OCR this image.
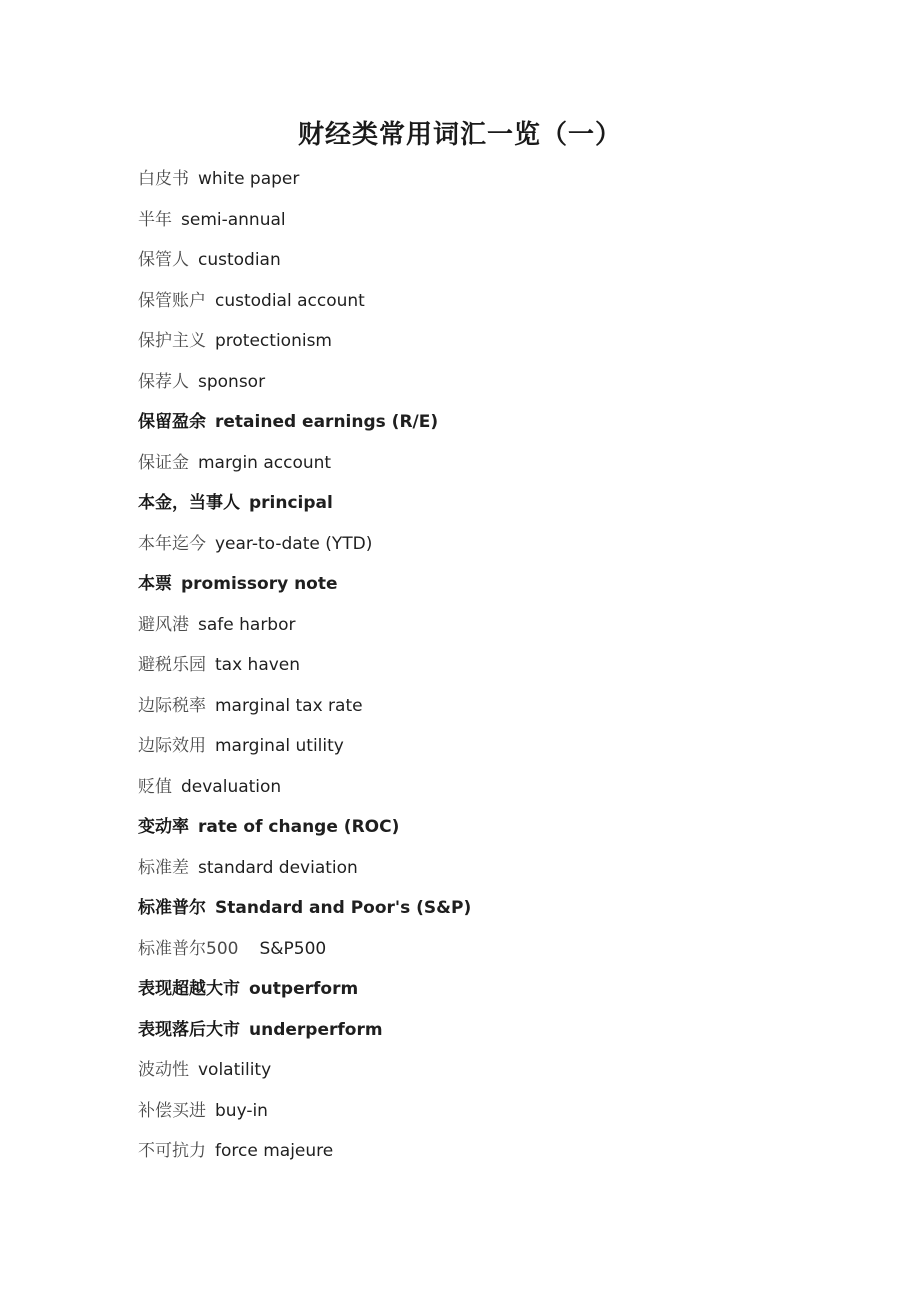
财经类常用词汇一览（一）

白皮书 white paper

半年 semi-annual

保管人 custodian

保管账户 custodial account

保护主义 protectionism

保荐人 sponsor

保留盈余 retained earnings (R/E)

保证金 margin account

本金，当事人 principal

本年迄今 year-to-date (YTD)

本票 promissory note

避风港 safe harbor

避税乐园 tax haven

边际税率 marginal tax rate

边际效用 marginal utility

贬值 devaluation

变动率 rate of change (ROC)

标准差 standard deviation

标准普尔 Standard and Poor's (S&P)

标准普尔500 S&P500

表现超越大市 outperform

表现落后大市 underperform

波动性 volatility

补偿买进 buy-in

不可抗力 force majeure
